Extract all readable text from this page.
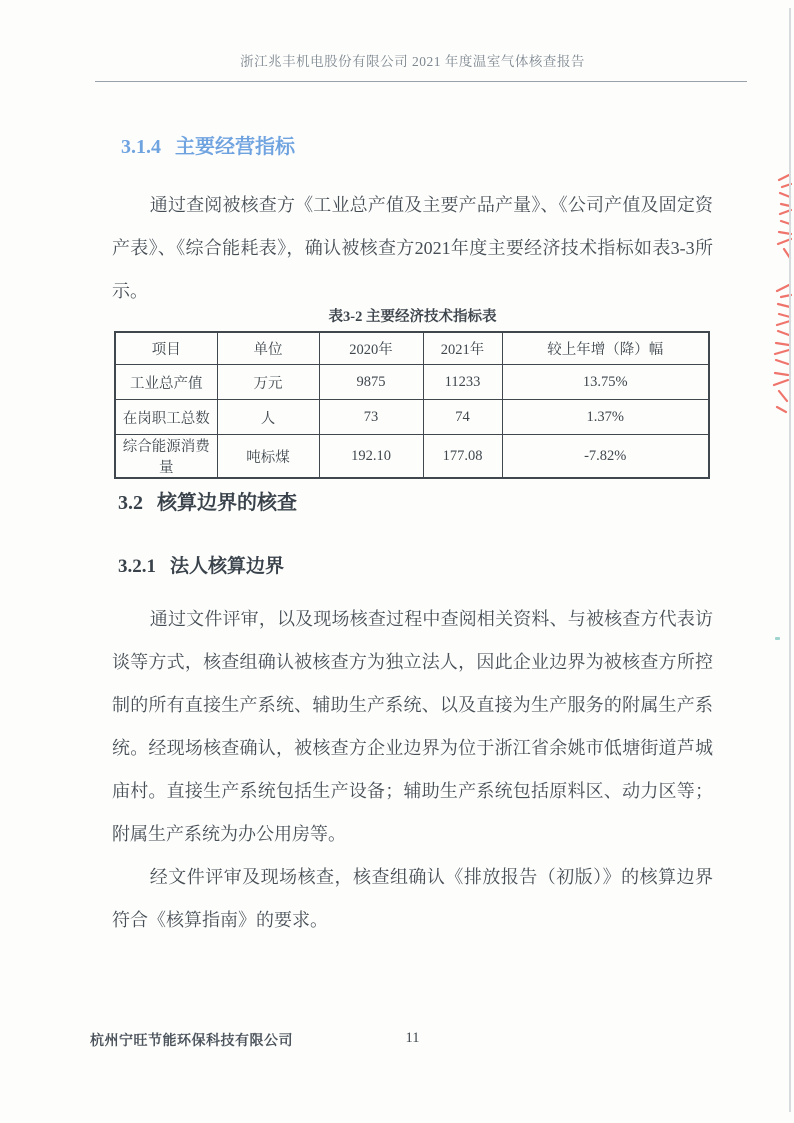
浙江兆丰机电股份有限公司 2021 年度温室气体核查报告
3.1.4 主要经营指标

通过查阅被核查方《工业总产值及主要产品产量》、《公司产值及固定资产表》、《综合能耗表》，确认被核查方2021年度主要经济技术指标如表3-3所示。

表3-2 主要经济技术指标表
项目	单位	2020年	2021年	较上年增（降）幅
工业总产值	万元	9875	11233	13.75%
在岗职工总数	人	73	74	1.37%
综合能源消费量	吨标煤	192.10	177.08	-7.82%
3.2 核算边界的核查
3.2.1 法人核算边界

通过文件评审，以及现场核查过程中查阅相关资料、与被核查方代表访谈等方式，核查组确认被核查方为独立法人，因此企业边界为被核查方所控制的所有直接生产系统、辅助生产系统、以及直接为生产服务的附属生产系统。经现场核查确认，被核查方企业边界为位于浙江省余姚市低塘街道芦城庙村。直接生产系统包括生产设备；辅助生产系统包括原料区、动力区等；附属生产系统为办公用房等。

经文件评审及现场核查，核查组确认《排放报告（初版）》的核算边界符合《核算指南》的要求。

杭州宁旺节能环保科技有限公司	11
